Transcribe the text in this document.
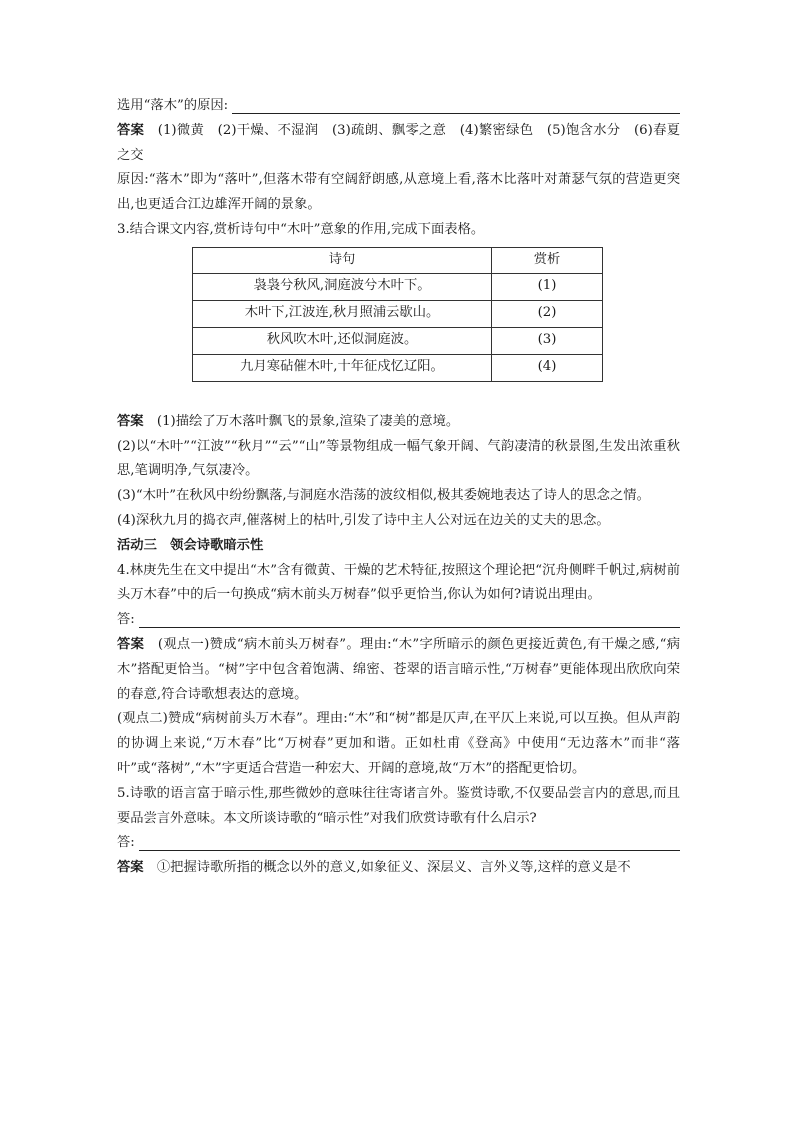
选用“落木”的原因:

答案　 (1)微黄　(2)干燥、不湿润　(3)疏朗、飘零之意　(4)繁密绿色　(5)饱含水分　(6)春夏之交

原因:“落木”即为“落叶”,但落木带有空阔舒朗感,从意境上看,落木比落叶对萧瑟气氛的营造更突出,也更适合江边雄浑开阔的景象。

3.结合课文内容,赏析诗句中“木叶”意象的作用,完成下面表格。

诗句	赏析
袅袅兮秋风,洞庭波兮木叶下。	(1)
木叶下,江波连,秋月照浦云歇山。	(2)
秋风吹木叶,还似洞庭波。	(3)
九月寒砧催木叶,十年征戍忆辽阳。	(4)

答案　 (1)描绘了万木落叶飘飞的景象,渲染了凄美的意境。

(2)以“木叶”“江波”“秋月”“云”“山”等景物组成一幅气象开阔、气韵凄清的秋景图,生发出浓重秋思,笔调明净,气氛凄冷。

(3)“木叶”在秋风中纷纷飘落,与洞庭水浩荡的波纹相似,极其委婉地表达了诗人的思念之情。

(4)深秋九月的捣衣声,催落树上的枯叶,引发了诗中主人公对远在边关的丈夫的思念。

活动三　领会诗歌暗示性

4.林庚先生在文中提出“木”含有微黄、干燥的艺术特征,按照这个理论把“沉舟侧畔千帆过,病树前头万木春”中的后一句换成“病木前头万树春”似乎更恰当,你认为如何?请说出理由。

答:

答案　 (观点一)赞成“病木前头万树春”。理由:“木”字所暗示的颜色更接近黄色,有干燥之感,“病木”搭配更恰当。“树”字中包含着饱满、绵密、苍翠的语言暗示性,“万树春”更能体现出欣欣向荣的春意,符合诗歌想表达的意境。

(观点二)赞成“病树前头万木春”。理由:“木”和“树”都是仄声,在平仄上来说,可以互换。但从声韵的协调上来说,“万木春”比“万树春”更加和谐。正如杜甫《登高》中使用“无边落木”而非“落叶”或“落树”,“木”字更适合营造一种宏大、开阔的意境,故“万木”的搭配更恰切。

5.诗歌的语言富于暗示性,那些微妙的意味往往寄诸言外。鉴赏诗歌,不仅要品尝言内的意思,而且要品尝言外意味。本文所谈诗歌的“暗示性”对我们欣赏诗歌有什么启示?

答:

答案　 ①把握诗歌所指的概念以外的意义,如象征义、深层义、言外义等,这样的意义是不
